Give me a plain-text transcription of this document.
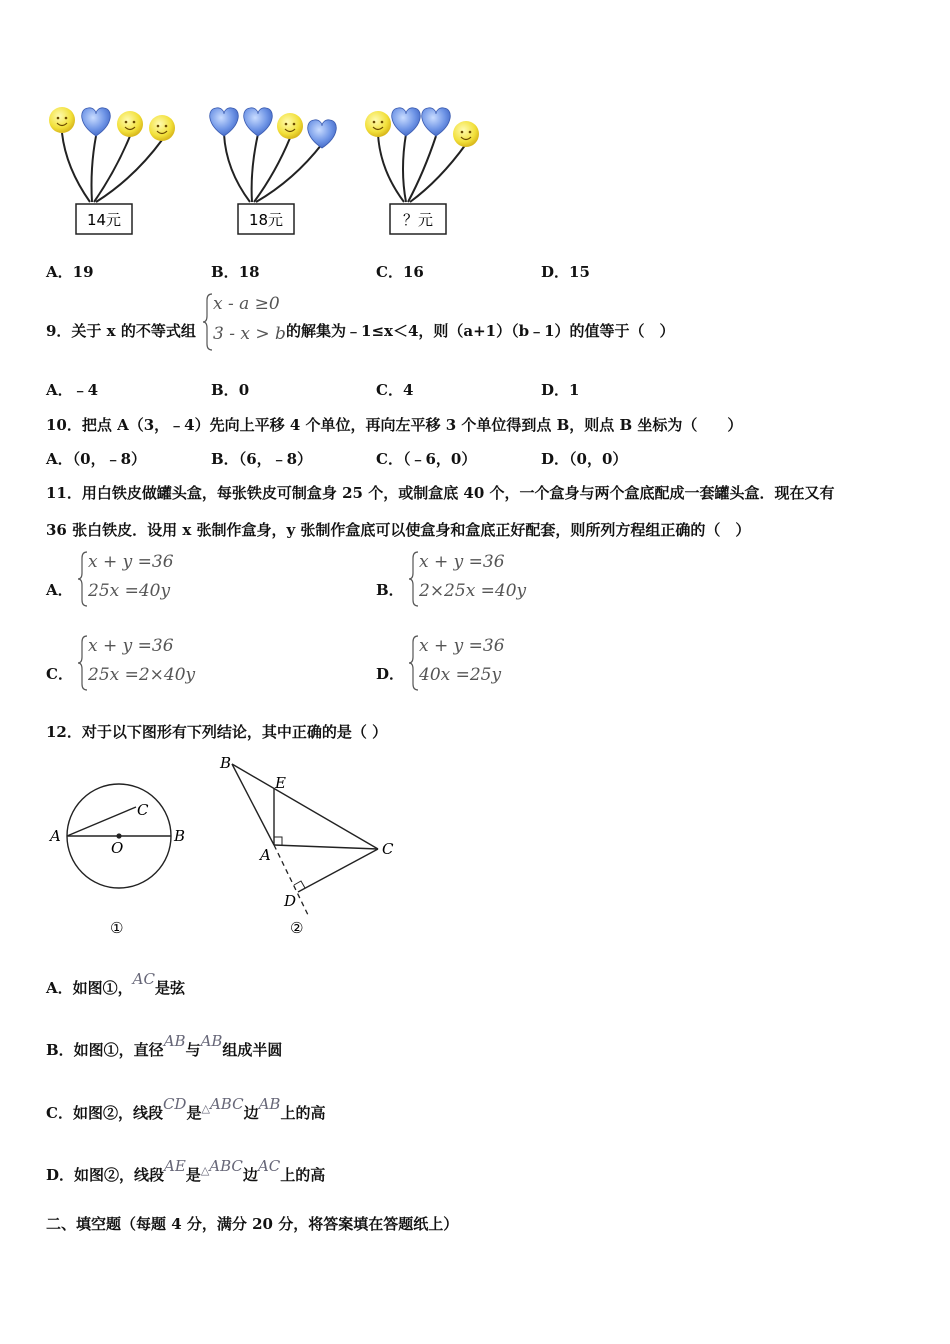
14元	18元	？元
A．19	B．18	C．16	D．15
9．关于 x 的不等式组
x - a ≥0
3 - x > b 的解集为﹣1≤x＜4，则（a+1）（b﹣1）的值等于（　）
A．﹣4	B．0	C．4	D．1
10．把点 A（3，﹣4）先向上平移 4 个单位，再向左平移 3 个单位得到点 B，则点 B 坐标为（　　）
A．（0，﹣8）	B．（6，﹣8）	C．（﹣6，0）	D．（0，0）
11．用白铁皮做罐头盒，每张铁皮可制盒身 25 个，或制盒底 40 个，一个盒身与两个盒底配成一套罐头盒．现在又有
36 张白铁皮．设用 x 张制作盒身，y 张制作盒底可以使盒身和盒底正好配套，则所列方程组正确的（　）
A．
x + y =36
25x =40y	B．
x + y =36
2×25x =40y
C．
x + y =36
25x =2×40y	D．
x + y =36
40x =25y
12．对于以下图形有下列结论，其中正确的是（ ）
A	B
C
O
①
B
E
A	C
D
②
A．如图①，AC是弦
B．如图①，直径AB与AB组成半圆
C．如图②，线段CD是△ABC边AB上的高
D．如图②，线段AE是△ABC边AC上的高
二、填空题（每题 4 分，满分 20 分，将答案填在答题纸上）
